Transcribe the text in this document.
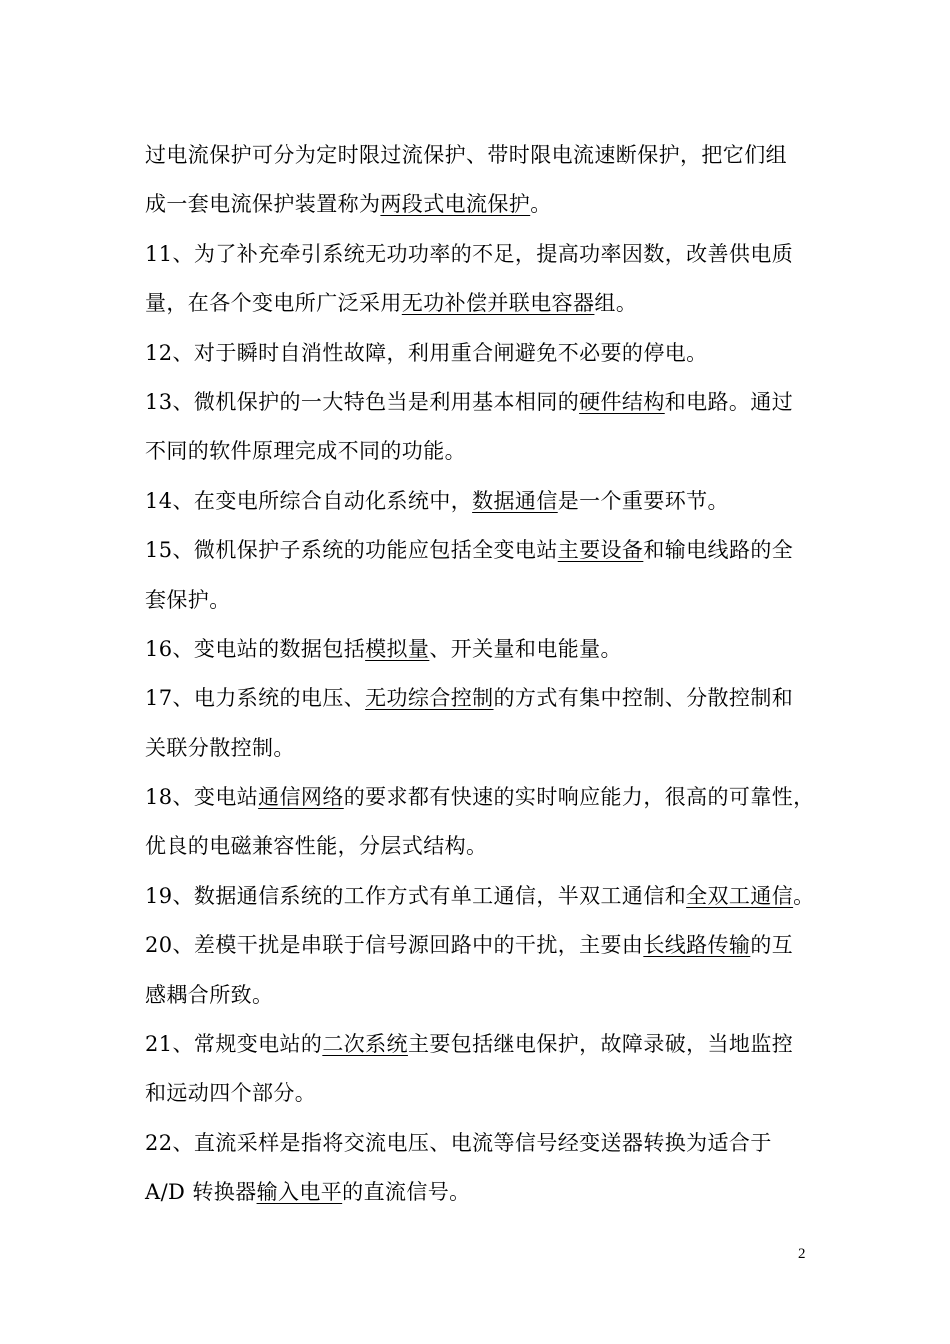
过电流保护可分为定时限过流保护、带时限电流速断保护，把它们组
成一套电流保护装置称为两段式电流保护。
11、为了补充牵引系统无功功率的不足，提高功率因数，改善供电质
量，在各个变电所广泛采用无功补偿并联电容器组。
12、对于瞬时自消性故障，利用重合闸避免不必要的停电。
13、微机保护的一大特色当是利用基本相同的硬件结构和电路。通过
不同的软件原理完成不同的功能。
14、在变电所综合自动化系统中，数据通信是一个重要环节。
15、微机保护子系统的功能应包括全变电站主要设备和输电线路的全
套保护。
16、变电站的数据包括模拟量、开关量和电能量。
17、电力系统的电压、无功综合控制的方式有集中控制、分散控制和
关联分散控制。
18、变电站通信网络的要求都有快速的实时响应能力，很高的可靠性，
优良的电磁兼容性能，分层式结构。
19、数据通信系统的工作方式有单工通信，半双工通信和全双工通信。
20、差模干扰是串联于信号源回路中的干扰，主要由长线路传输的互
感耦合所致。
21、常规变电站的二次系统主要包括继电保护，故障录破，当地监控
和远动四个部分。
22、直流采样是指将交流电压、电流等信号经变送器转换为适合于
A/D 转换器输入电平的直流信号。
2
